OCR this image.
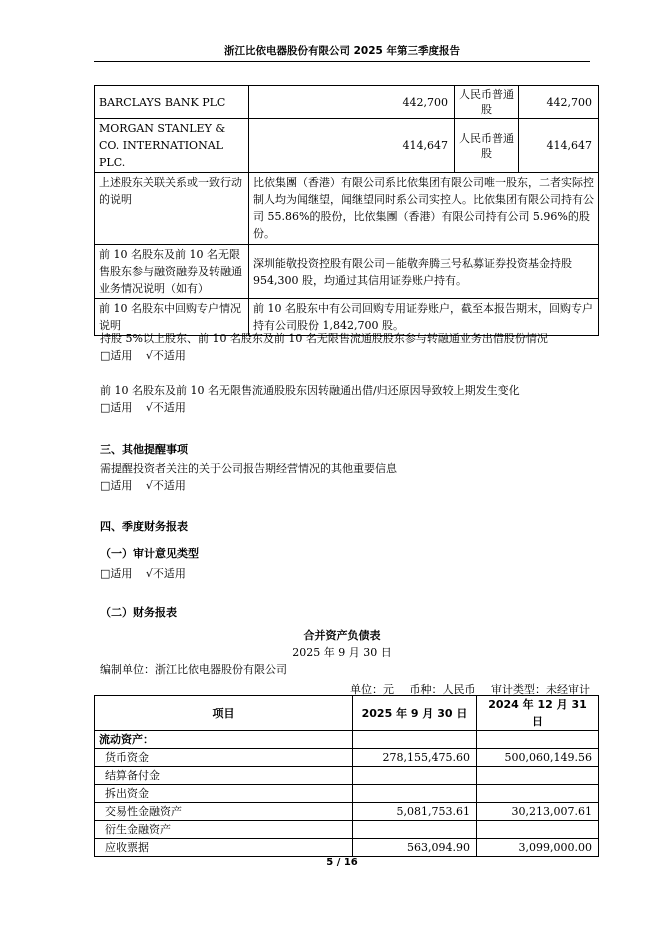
浙江比依电器股份有限公司 2025 年第三季度报告
BARCLAYS BANK PLC	442,700	人民币普通股	442,700
MORGAN STANLEY & CO. INTERNATIONAL PLC.	414,647	人民币普通股	414,647
上述股东关联关系或一致行动的说明	比依集團（香港）有限公司系比依集团有限公司唯一股东，二者实际控制人均为闻继望，闻继望同时系公司实控人。比依集团有限公司持有公司 55.86%的股份，比依集團（香港）有限公司持有公司 5.96%的股份。		
前 10 名股东及前 10 名无限售股东参与融资融券及转融通业务情况说明（如有）	深圳能敬投资控股有限公司－能敬奔腾三号私募证券投资基金持股 954,300 股，均通过其信用证券账户持有。		
前 10 名股东中回购专户情况说明	前 10 名股东中有公司回购专用证券账户，截至本报告期末，回购专户持有公司股份 1,842,700 股。		
持股 5%以上股东、前 10 名股东及前 10 名无限售流通股股东参与转融通业务出借股份情况
□适用 √不适用
前 10 名股东及前 10 名无限售流通股股东因转融通出借/归还原因导致较上期发生变化
□适用 √不适用
三、其他提醒事项
需提醒投资者关注的关于公司报告期经营情况的其他重要信息
□适用 √不适用
四、季度财务报表
（一）审计意见类型
□适用 √不适用
（二）财务报表
合并资产负债表
2025 年 9 月 30 日
编制单位：浙江比依电器股份有限公司
单位：元 币种：人民币 审计类型：未经审计
项目	2025 年 9 月 30 日	2024 年 12 月 31 日
流动资产：		
货币资金	278,155,475.60	500,060,149.56
结算备付金		
拆出资金		
交易性金融资产	5,081,753.61	30,213,007.61
衍生金融资产		
应收票据	563,094.90	3,099,000.00
5 / 16
